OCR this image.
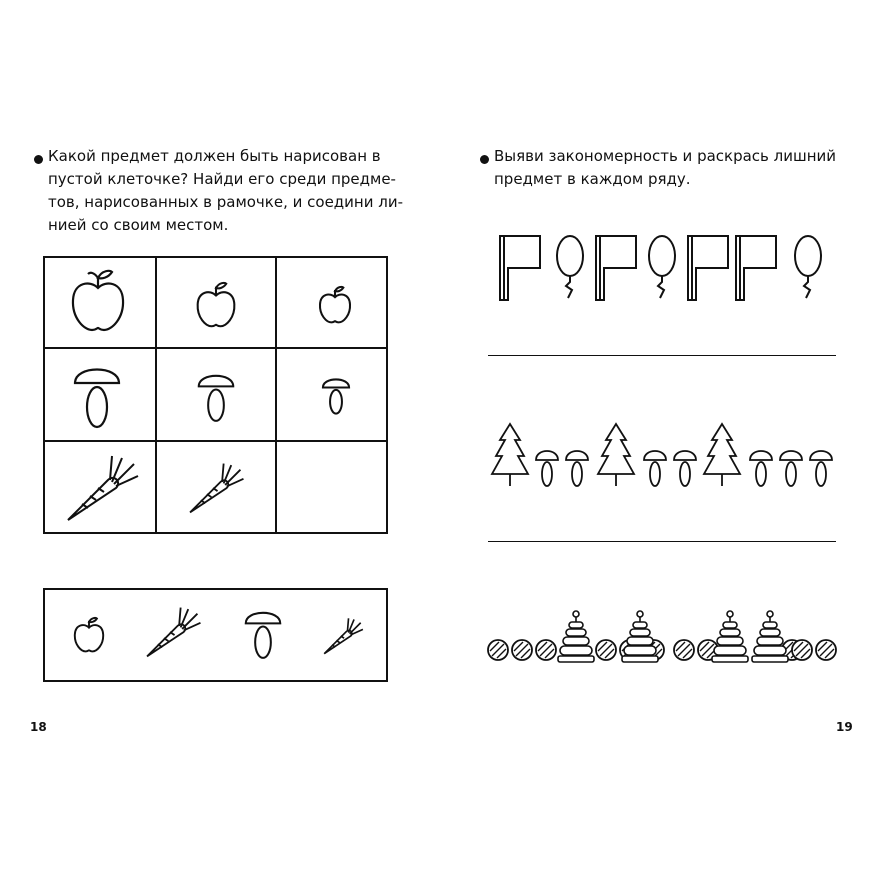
Какой предмет должен быть нарисован в
пустой клеточке? Найди его среди предме-
тов, нарисованных в рамочке, и соедини ли-
нией со своим местом.
18
Выяви закономерность и раскрась лишний
предмет в каждом ряду.
19
